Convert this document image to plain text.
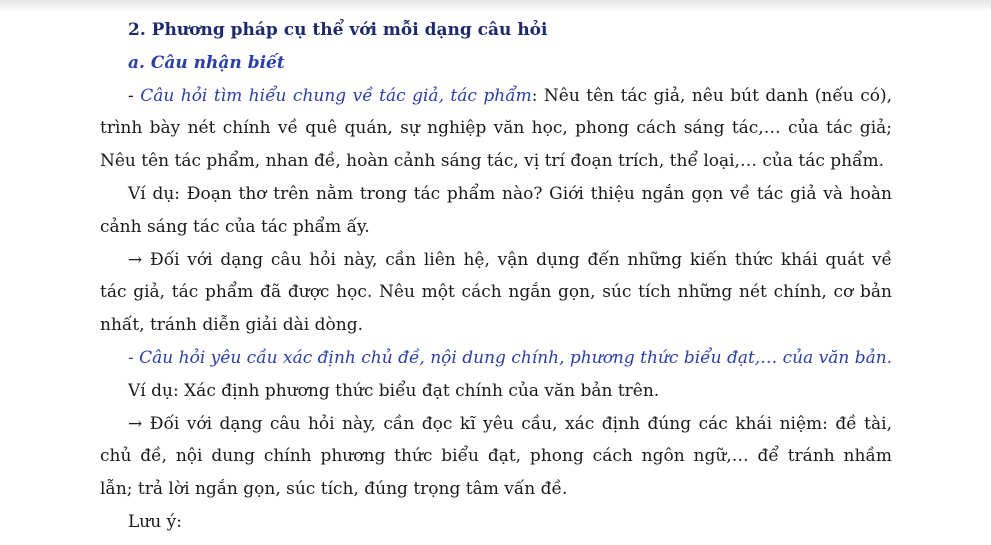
2. Phương pháp cụ thể với mỗi dạng câu hỏi
a. Câu nhận biết
- Câu hỏi tìm hiểu chung về tác giả, tác phẩm: Nêu tên tác giả, nêu bút danh (nếu có),
trình bày nét chính về quê quán, sự nghiệp văn học, phong cách sáng tác,… của tác giả;
Nêu tên tác phẩm, nhan đề, hoàn cảnh sáng tác, vị trí đoạn trích, thể loại,… của tác phẩm.
Ví dụ: Đoạn thơ trên nằm trong tác phẩm nào? Giới thiệu ngắn gọn về tác giả và hoàn
cảnh sáng tác của tác phẩm ấy.
→ Đối với dạng câu hỏi này, cần liên hệ, vận dụng đến những kiến thức khái quát về
tác giả, tác phẩm đã được học. Nêu một cách ngắn gọn, súc tích những nét chính, cơ bản
nhất, tránh diễn giải dài dòng.
- Câu hỏi yêu cầu xác định chủ đề, nội dung chính, phương thức biểu đạt,… của văn bản.
Ví dụ: Xác định phương thức biểu đạt chính của văn bản trên.
→ Đối với dạng câu hỏi này, cần đọc kĩ yêu cầu, xác định đúng các khái niệm: đề tài,
chủ đề, nội dung chính phương thức biểu đạt, phong cách ngôn ngữ,… để tránh nhầm
lẫn; trả lời ngắn gọn, súc tích, đúng trọng tâm vấn đề.
Lưu ý:
